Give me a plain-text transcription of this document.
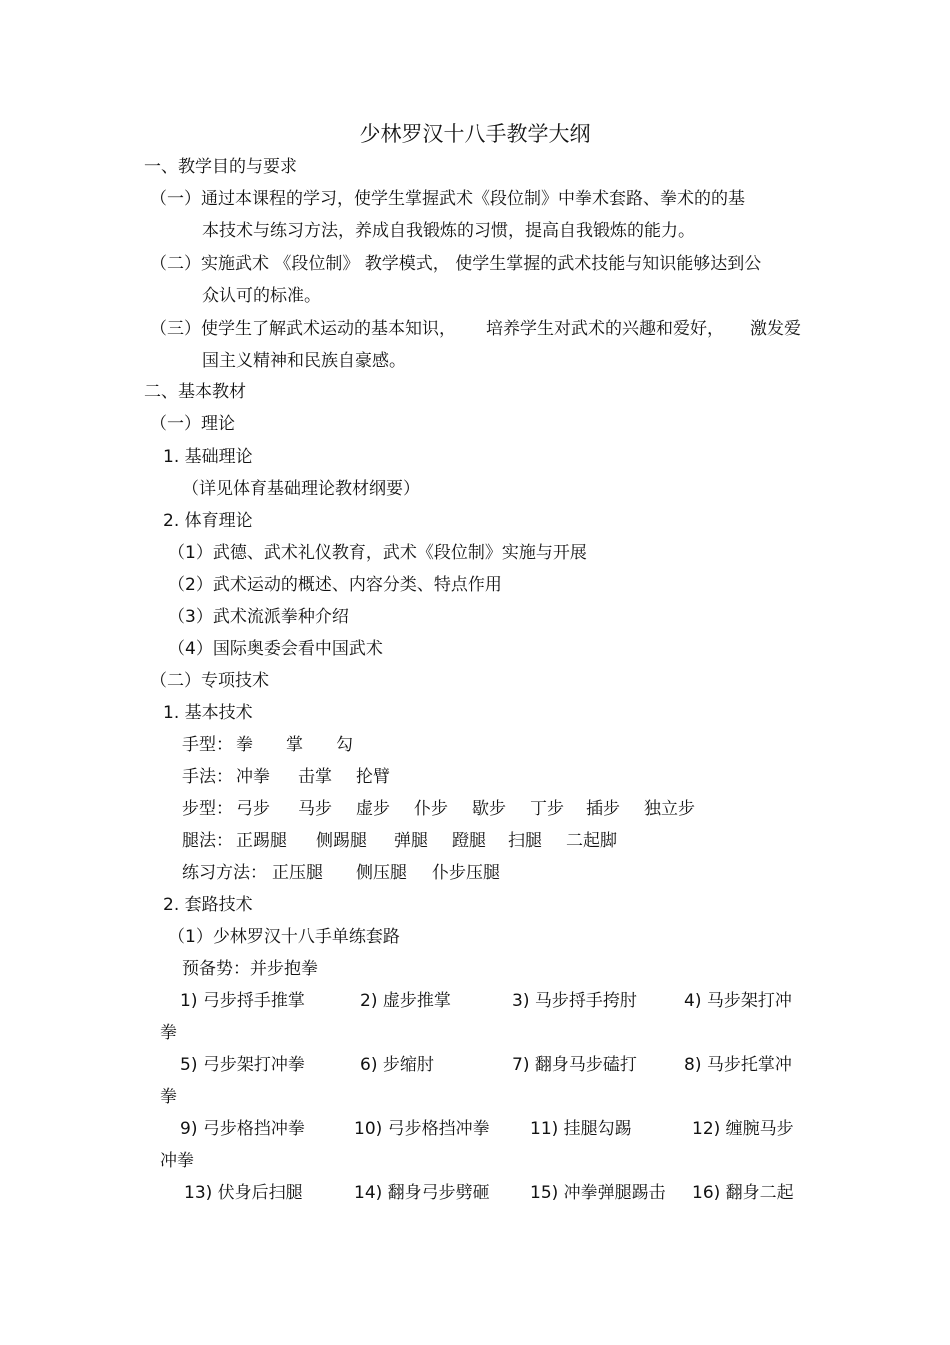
少林罗汉十八手教学大纲
一、教学目的与要求
（一）通过本课程的学习，使学生掌握武术《段位制》中拳术套路、拳术的的基
本技术与练习方法，养成自我锻炼的习惯，提高自我锻炼的能力。
（二）实施武术 《段位制》 教学模式， 使学生掌握的武术技能与知识能够达到公
众认可的标准。
（三）使学生了解武术运动的基本知识， 培养学生对武术的兴趣和爱好， 激发爱
国主义精神和民族自豪感。
二、基本教材
（一）理论
1. 基础理论
（详见体育基础理论教材纲要）
2. 体育理论
（1）武德、武术礼仪教育，武术《段位制》实施与开展
（2）武术运动的概述、内容分类、特点作用
（3）武术流派拳种介绍
（4）国际奥委会看中国武术
（二）专项技术
1. 基本技术
手型： 拳 掌 勾
手法： 冲拳 击掌 抡臂
步型： 弓步 马步 虚步 仆步 歇步 丁步 插步 独立步
腿法： 正踢腿 侧踢腿 弹腿 蹬腿 扫腿 二起脚
练习方法： 正压腿 侧压腿 仆步压腿
2. 套路技术
（1）少林罗汉十八手单练套路
预备势：并步抱拳
1) 弓步捋手推掌	2) 虚步推掌	3) 马步捋手挎肘	4) 马步架打冲
拳
5) 弓步架打冲拳	6) 步缩肘	7) 翻身马步磕打	8) 马步托掌冲
拳
9) 弓步格挡冲拳	10) 弓步格挡冲拳 11) 挂腿勾踢	12) 缠腕马步
冲拳
13) 伏身后扫腿	14) 翻身弓步劈砸 15) 冲拳弹腿踢击 16) 翻身二起
